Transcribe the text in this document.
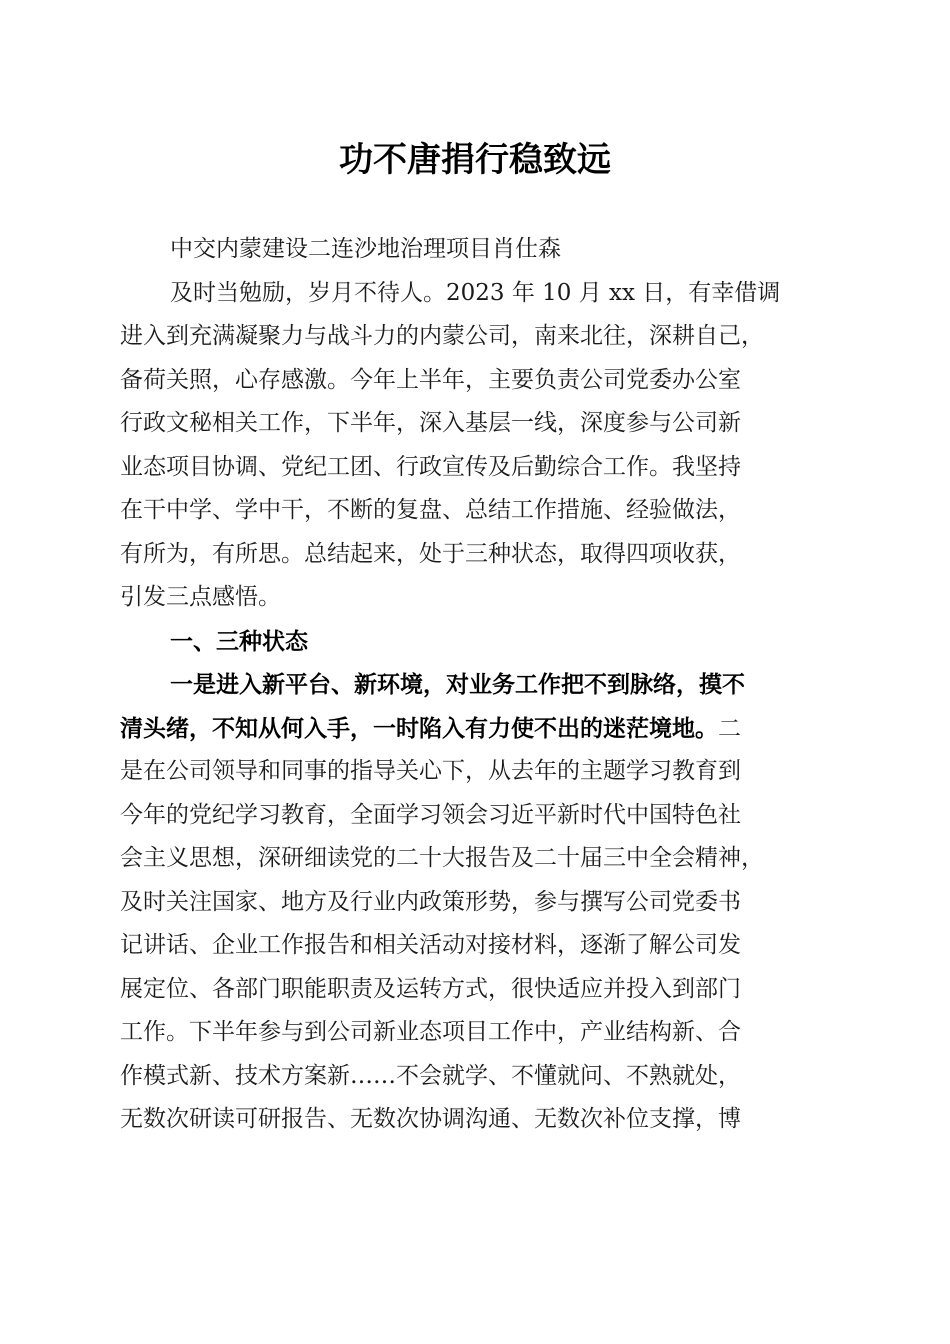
功不唐捐行稳致远
中交内蒙建设二连沙地治理项目肖仕森
及时当勉励，岁月不待人。2023 年 10 月 xx 日，有幸借调
进入到充满凝聚力与战斗力的内蒙公司，南来北往，深耕自己，
备荷关照，心存感激。今年上半年，主要负责公司党委办公室
行政文秘相关工作，下半年，深入基层一线，深度参与公司新
业态项目协调、党纪工团、行政宣传及后勤综合工作。我坚持
在干中学、学中干，不断的复盘、总结工作措施、经验做法，
有所为，有所思。总结起来，处于三种状态，取得四项收获，
引发三点感悟。
一、三种状态
一是进入新平台、新环境，对业务工作把不到脉络，摸不
清头绪，不知从何入手，一时陷入有力使不出的迷茫境地。二
是在公司领导和同事的指导关心下，从去年的主题学习教育到
今年的党纪学习教育，全面学习领会习近平新时代中国特色社
会主义思想，深研细读党的二十大报告及二十届三中全会精神，
及时关注国家、地方及行业内政策形势，参与撰写公司党委书
记讲话、企业工作报告和相关活动对接材料，逐渐了解公司发
展定位、各部门职能职责及运转方式，很快适应并投入到部门
工作。下半年参与到公司新业态项目工作中，产业结构新、合
作模式新、技术方案新……不会就学、不懂就问、不熟就处，
无数次研读可研报告、无数次协调沟通、无数次补位支撑，博
